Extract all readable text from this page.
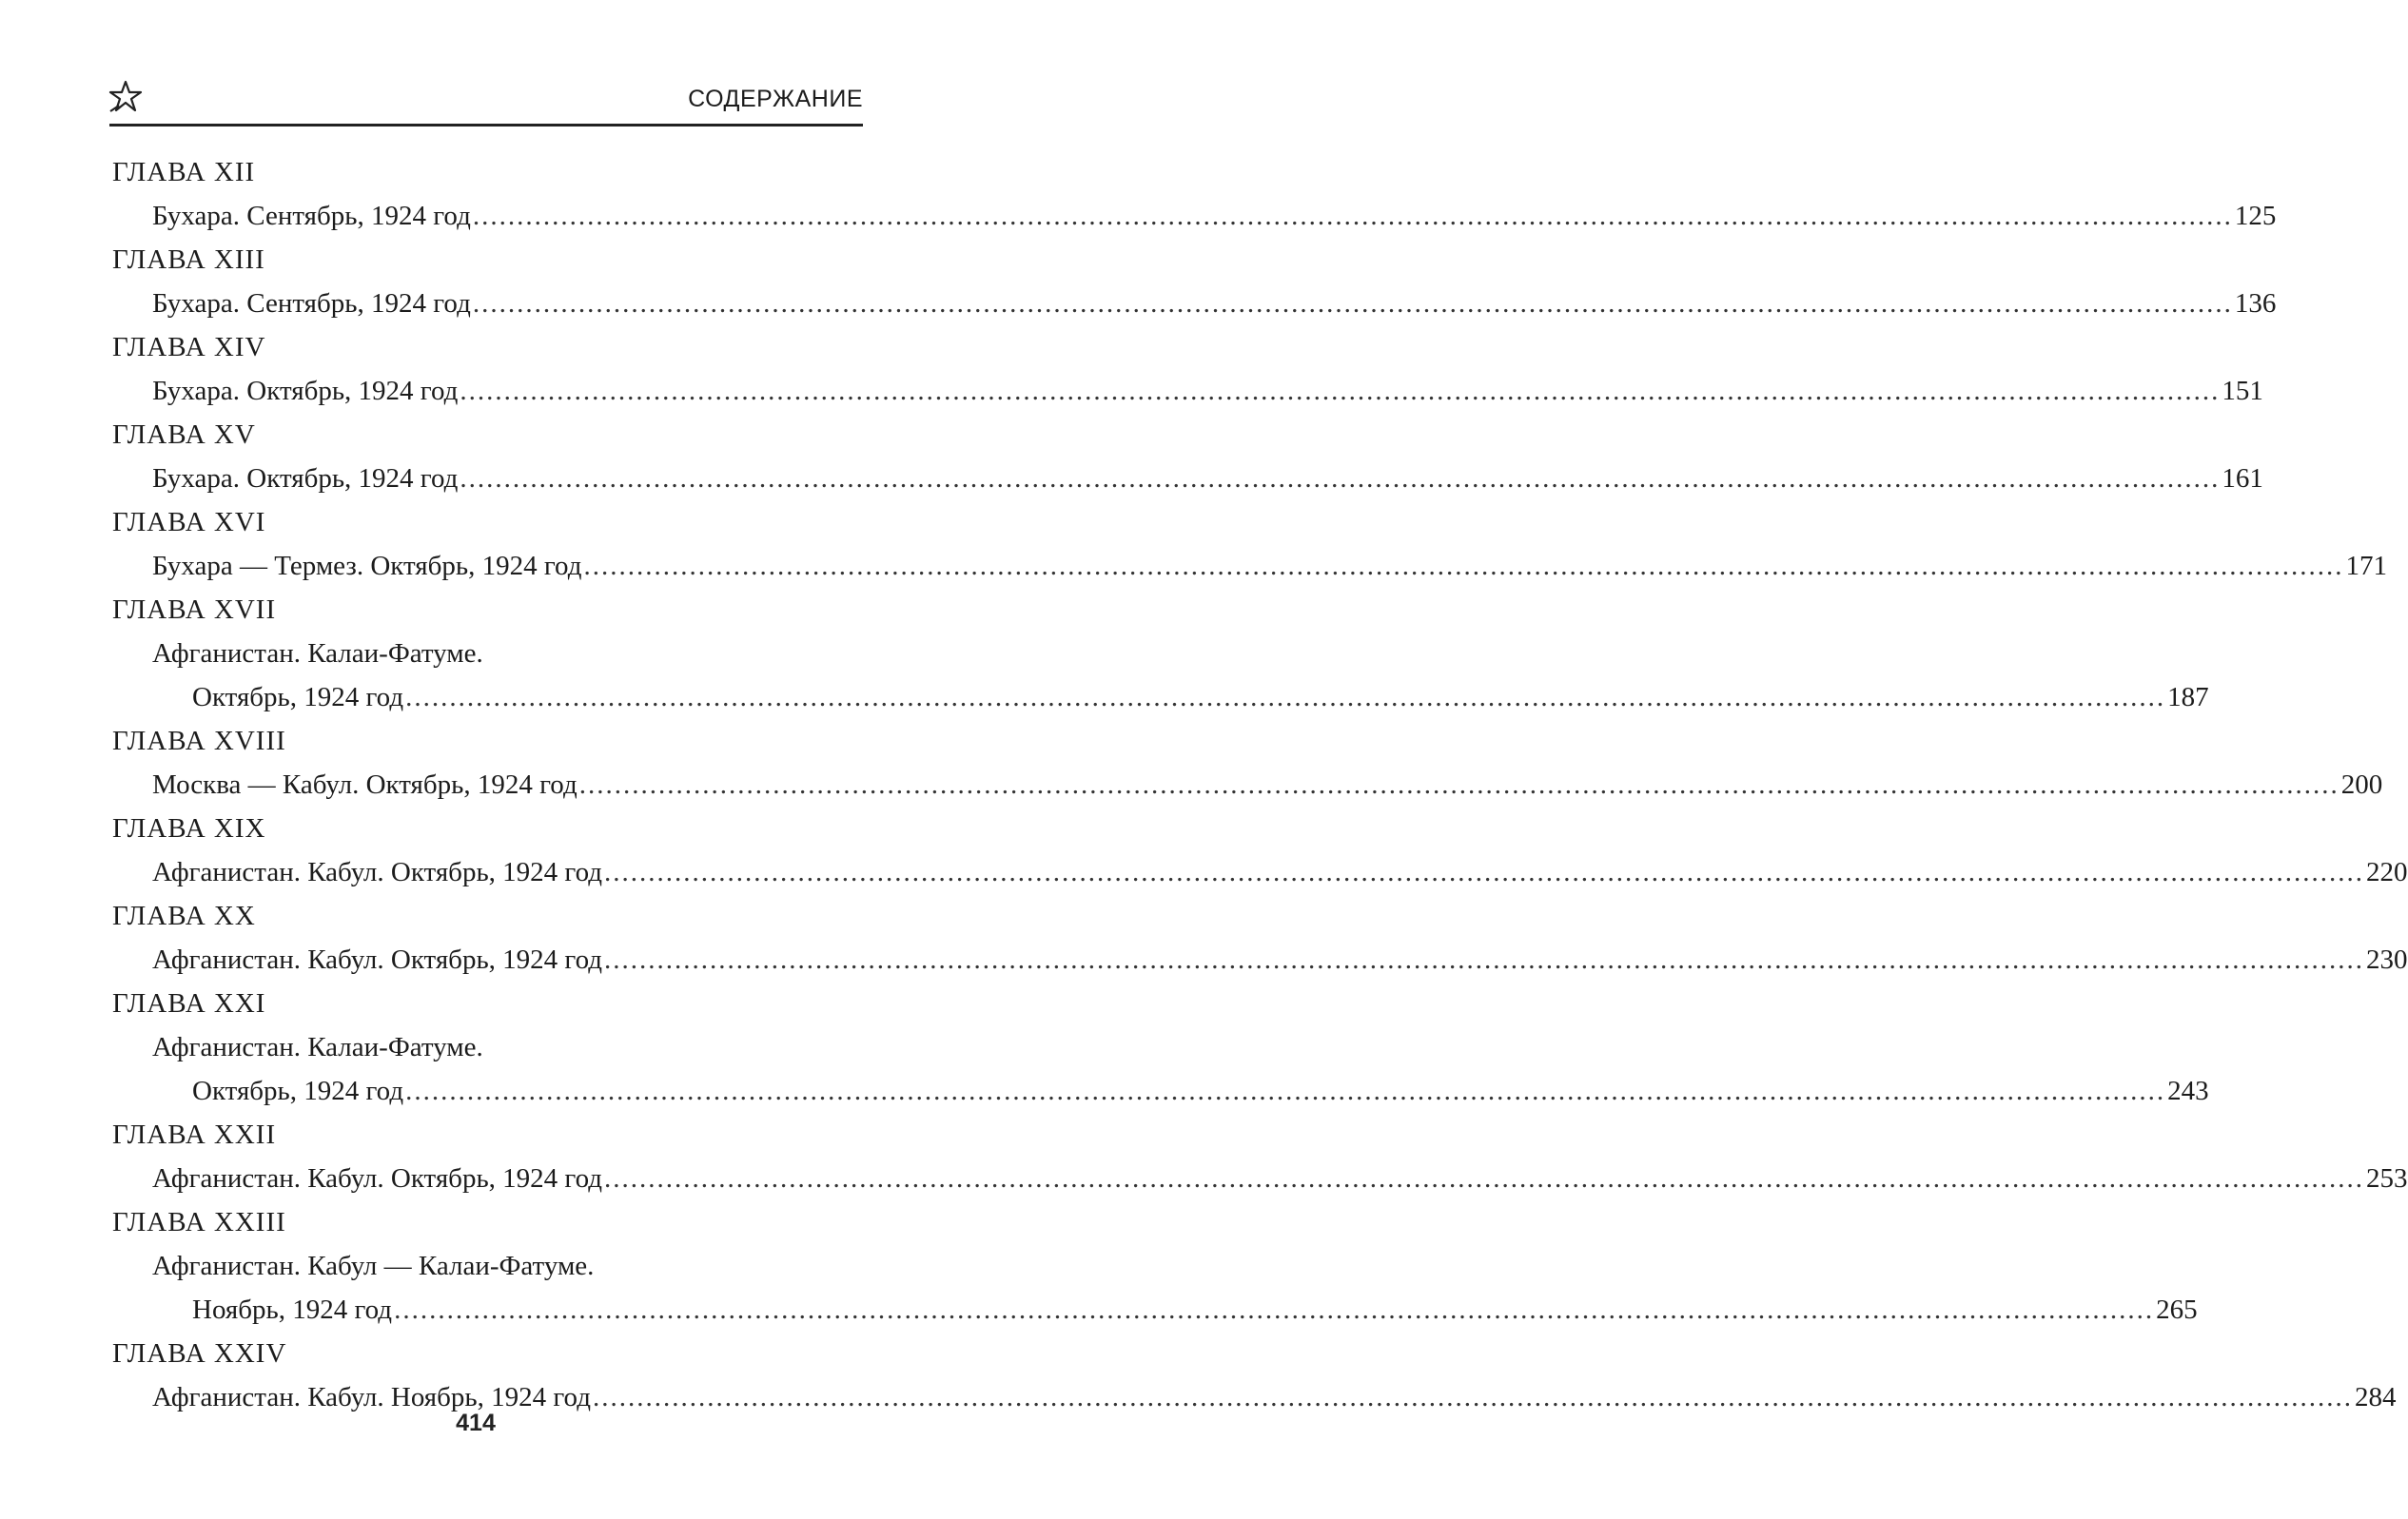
СОДЕРЖАНИЕ
ГЛАВА XII
Бухара. Сентябрь, 1924 год ........................................................................................................................................................................................................ 125
ГЛАВА XIII
Бухара. Сентябрь, 1924 год ........................................................................................................................................................................................................ 136
ГЛАВА XIV
Бухара. Октябрь, 1924 год ........................................................................................................................................................................................................ 151
ГЛАВА XV
Бухара. Октябрь, 1924 год ........................................................................................................................................................................................................ 161
ГЛАВА XVI
Бухара — Термез. Октябрь, 1924 год ........................................................................................................................................................................................................ 171
ГЛАВА XVII
Афганистан. Калаи-Фатуме.
Октябрь, 1924 год ........................................................................................................................................................................................................ 187
ГЛАВА XVIII
Москва — Кабул. Октябрь, 1924 год ........................................................................................................................................................................................................ 200
ГЛАВА XIX
Афганистан. Кабул. Октябрь, 1924 год ........................................................................................................................................................................................................ 220
ГЛАВА XX
Афганистан. Кабул. Октябрь, 1924 год ........................................................................................................................................................................................................ 230
ГЛАВА XXI
Афганистан. Калаи-Фатуме.
Октябрь, 1924 год ........................................................................................................................................................................................................ 243
ГЛАВА XXII
Афганистан. Кабул. Октябрь, 1924 год ........................................................................................................................................................................................................ 253
ГЛАВА XXIII
Афганистан. Кабул — Калаи-Фатуме.
Ноябрь, 1924 год ........................................................................................................................................................................................................ 265
ГЛАВА XXIV
Афганистан. Кабул. Ноябрь, 1924 год ........................................................................................................................................................................................................ 284
414
